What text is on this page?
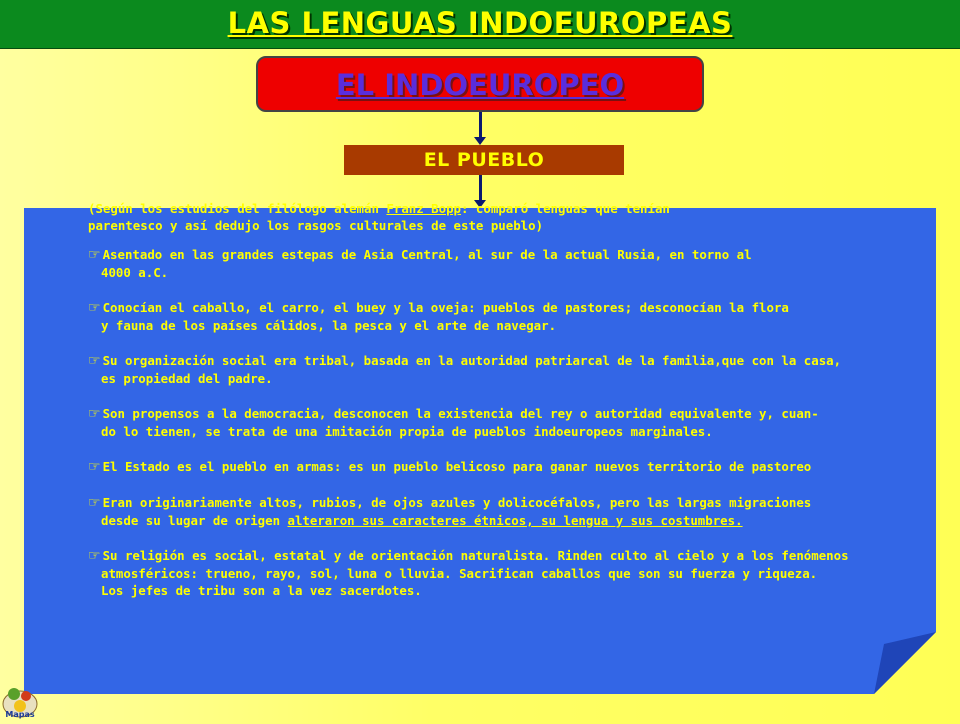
LAS LENGUAS INDOEUROPEAS
EL INDOEUROPEO
EL PUEBLO
(Según los estudios del filólogo alemán Franz Bopp: comparó lenguas que tenían
parentesco y así dedujo los rasgos culturales de este pueblo)
☞ Asentado en las grandes estepas de Asia Central, al sur de la actual Rusia, en torno al
4000 a.C.
☞ Conocían el caballo, el carro, el buey y la oveja: pueblos de pastores; desconocían la flora
y fauna de los países cálidos, la pesca y el arte de navegar.
☞ Su organización social era tribal, basada en la autoridad patriarcal de la familia,que con la casa,
es propiedad del padre.
☞ Son propensos a la democracia, desconocen la existencia del rey o autoridad equivalente y, cuan-
do lo tienen, se trata de una imitación propia de pueblos indoeuropeos marginales.
☞ El Estado es el pueblo en armas: es un pueblo belicoso para ganar nuevos territorio de pastoreo
☞ Eran originariamente altos, rubios, de ojos azules y dolicocéfalos, pero las largas migraciones
desde su lugar de origen alteraron sus caracteres étnicos, su lengua y sus costumbres.
☞ Su religión es social, estatal y de orientación naturalista. Rinden culto al cielo y a los fenómenos
atmosféricos: trueno, rayo, sol, luna o lluvia. Sacrifican caballos que son su fuerza y riqueza.
Los jefes de tribu son a la vez sacerdotes.
Mapas
